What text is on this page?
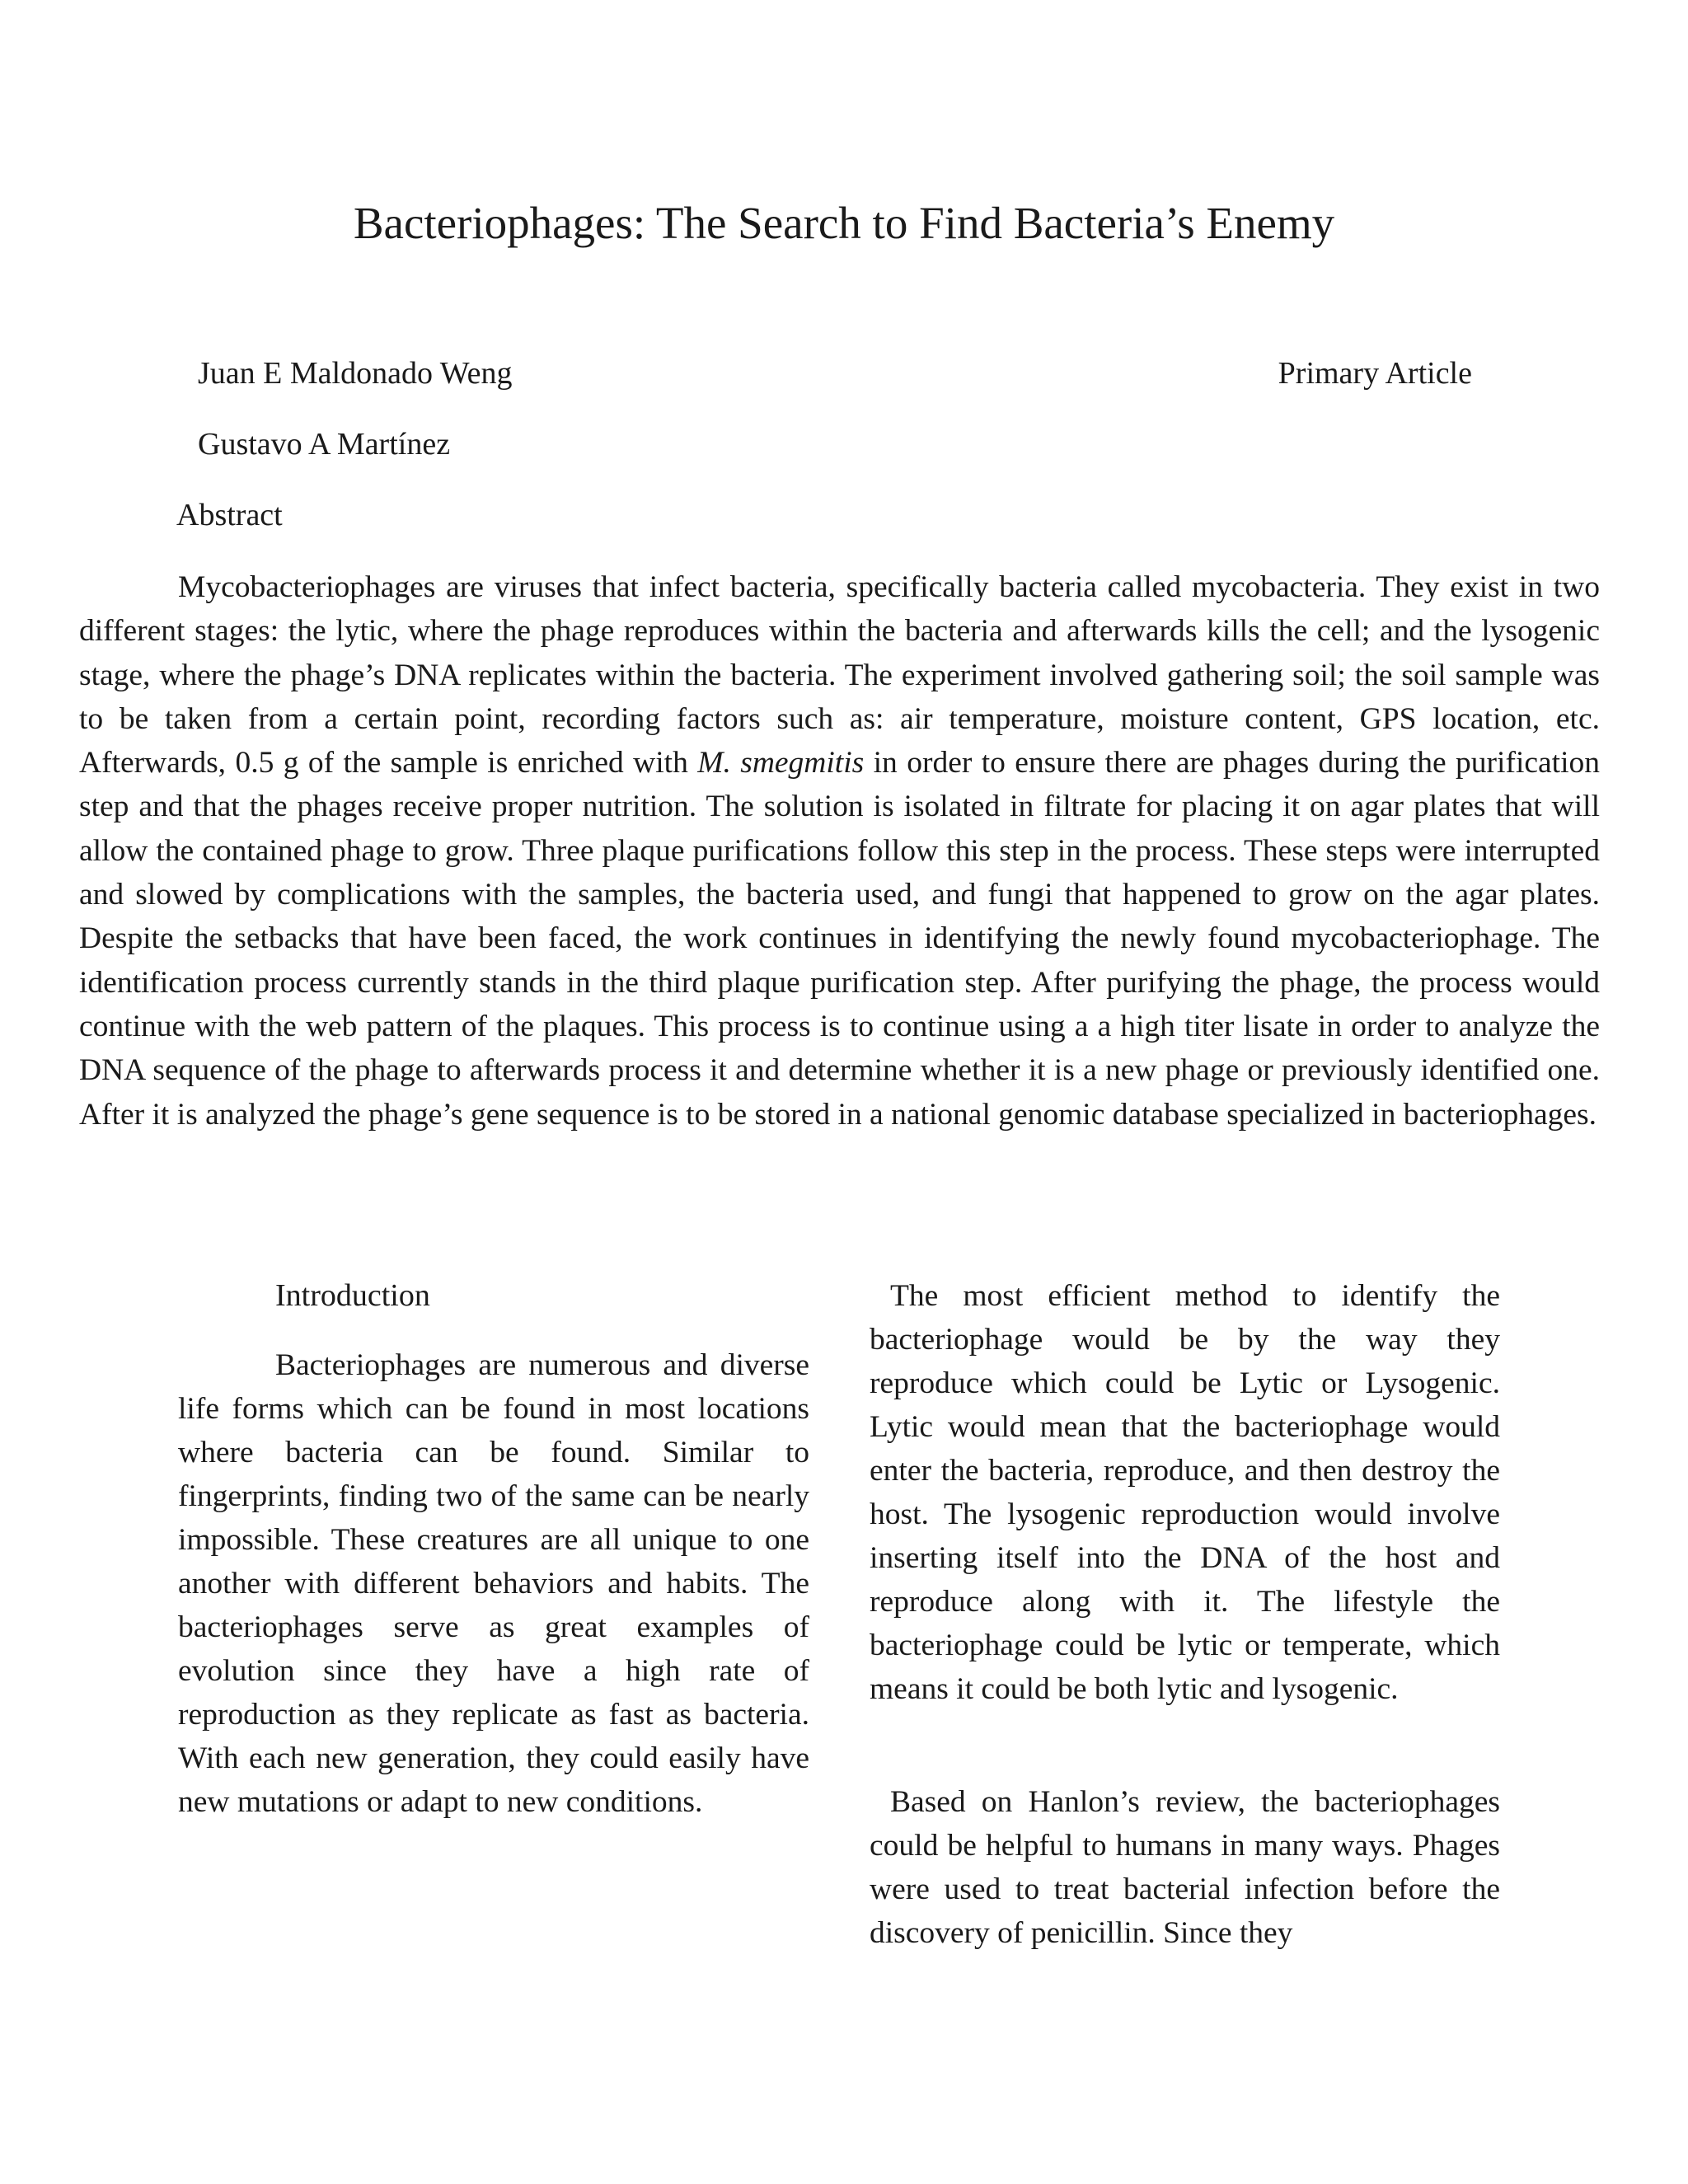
Bacteriophages: The Search to Find Bacteria’s Enemy
Juan E Maldonado Weng
Gustavo A Martínez
Primary Article
Abstract

Mycobacteriophages are viruses that infect bacteria, specifically bacteria called mycobacteria. They exist in two different stages: the lytic, where the phage reproduces within the bacteria and afterwards kills the cell; and the lysogenic stage, where the phage’s DNA replicates within the bacteria. The experiment involved gathering soil; the soil sample was to be taken from a certain point, recording factors such as: air temperature, moisture content, GPS location, etc. Afterwards, 0.5 g of the sample is enriched with M. smegmitis in order to ensure there are phages during the purification step and that the phages receive proper nutrition. The solution is isolated in filtrate for placing it on agar plates that will allow the contained phage to grow. Three plaque purifications follow this step in the process. These steps were interrupted and slowed by complications with the samples, the bacteria used, and fungi that happened to grow on the agar plates. Despite the setbacks that have been faced, the work continues in identifying the newly found mycobacteriophage. The identification process currently stands in the third plaque purification step. After purifying the phage, the process would continue with the web pattern of the plaques. This process is to continue using a a high titer lisate in order to analyze the DNA sequence of the phage to afterwards process it and determine whether it is a new phage or previously identified one. After it is analyzed the phage’s gene sequence is to be stored in a national genomic database specialized in bacteriophages.

Introduction

Bacteriophages are numerous and diverse life forms which can be found in most locations where bacteria can be found. Similar to fingerprints, finding two of the same can be nearly impossible. These creatures are all unique to one another with different behaviors and habits. The bacteriophages serve as great examples of evolution since they have a high rate of reproduction as they replicate as fast as bacteria. With each new generation, they could easily have new mutations or adapt to new conditions.

The most efficient method to identify the bacteriophage would be by the way they reproduce which could be Lytic or Lysogenic. Lytic would mean that the bacteriophage would enter the bacteria, reproduce, and then destroy the host. The lysogenic reproduction would involve inserting itself into the DNA of the host and reproduce along with it. The lifestyle the bacteriophage could be lytic or temperate, which means it could be both lytic and lysogenic.

Based on Hanlon’s review, the bacteriophages could be helpful to humans in many ways. Phages were used to treat bacterial infection before the discovery of penicillin. Since they
